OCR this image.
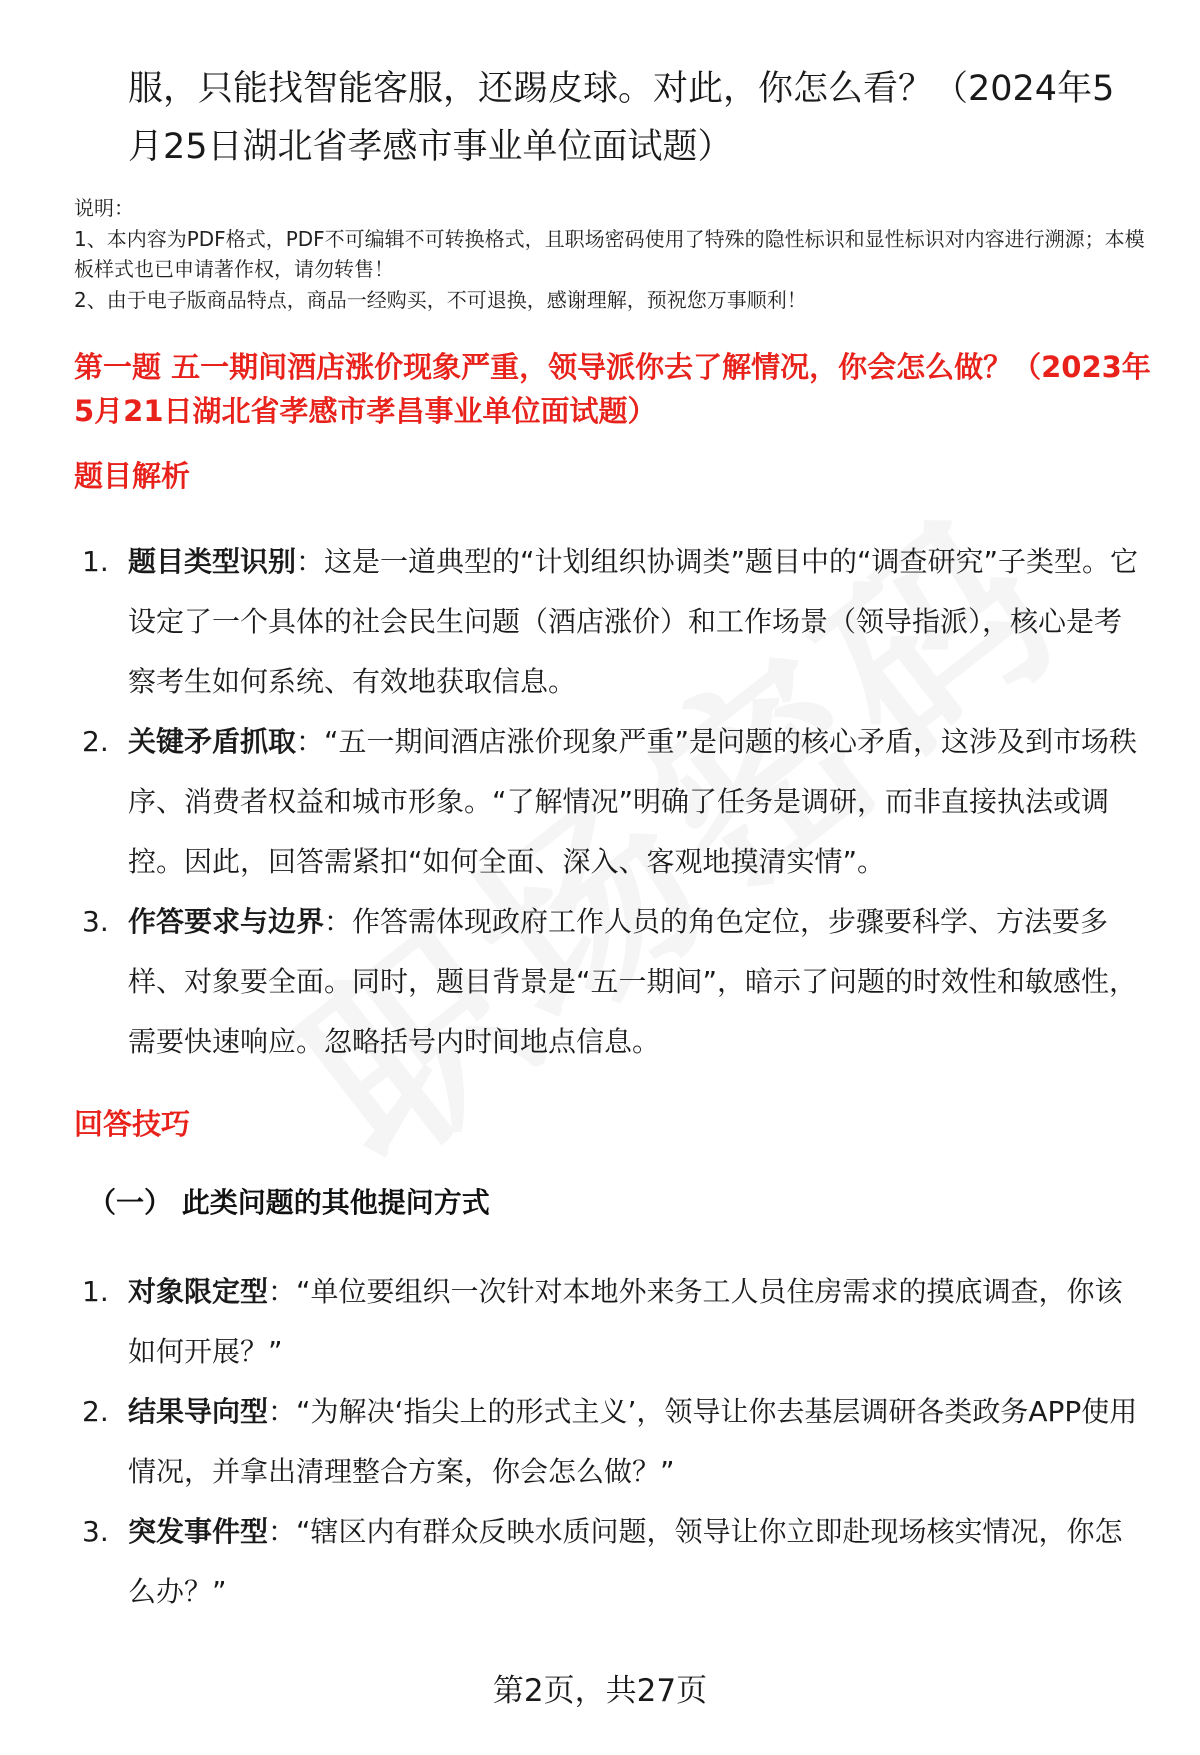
服，只能找智能客服，还踢皮球。对此，你怎么看？（2024年5月25日湖北省孝感市事业单位面试题）
说明：
1、本内容为PDF格式，PDF不可编辑不可转换格式，且职场密码使用了特殊的隐性标识和显性标识对内容进行溯源；本模板样式也已申请著作权，请勿转售！
2、由于电子版商品特点，商品一经购买，不可退换，感谢理解，预祝您万事顺利！
第一题 五一期间酒店涨价现象严重，领导派你去了解情况，你会怎么做？（2023年5月21日湖北省孝感市孝昌事业单位面试题）
题目解析
1. 题目类型识别：这是一道典型的“计划组织协调类”题目中的“调查研究”子类型。它设定了一个具体的社会民生问题（酒店涨价）和工作场景（领导指派），核心是考察考生如何系统、有效地获取信息。
2. 关键矛盾抓取：“五一期间酒店涨价现象严重”是问题的核心矛盾，这涉及到市场秩序、消费者权益和城市形象。“了解情况”明确了任务是调研，而非直接执法或调控。因此，回答需紧扣“如何全面、深入、客观地摸清实情”。
3. 作答要求与边界：作答需体现政府工作人员的角色定位，步骤要科学、方法要多样、对象要全面。同时，题目背景是“五一期间”，暗示了问题的时效性和敏感性，需要快速响应。忽略括号内时间地点信息。
回答技巧
（一） 此类问题的其他提问方式
1. 对象限定型：“单位要组织一次针对本地外来务工人员住房需求的摸底调查，你该如何开展？”
2. 结果导向型：“为解决‘指尖上的形式主义’，领导让你去基层调研各类政务APP使用情况，并拿出清理整合方案，你会怎么做？”
3. 突发事件型：“辖区内有群众反映水质问题，领导让你立即赴现场核实情况，你怎么办？”
第2页，共27页
